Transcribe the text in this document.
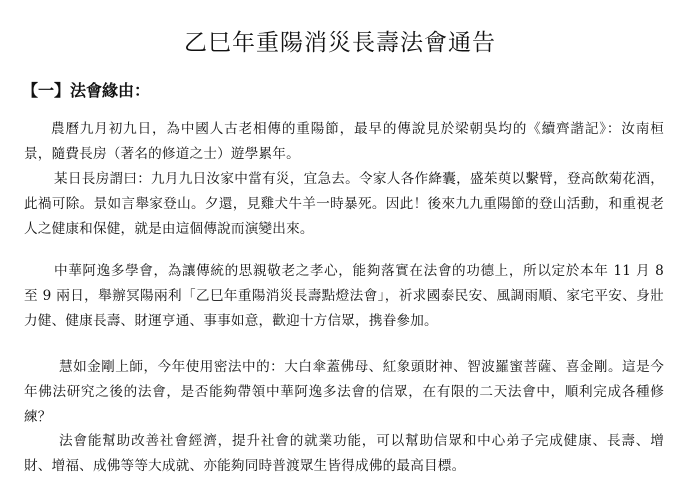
乙巳年重陽消災長壽法會通告
【一】法會緣由：

農曆九月初九日，為中國人古老相傳的重陽節，最早的傳說見於梁朝吳均的《續齊諧記》：汝南桓景，隨費長房（著名的修道之士）遊學累年。

某日長房謂曰：九月九日汝家中當有災，宜急去。令家人各作絳囊，盛茱萸以繫臂，登高飲菊花酒，此禍可除。景如言舉家登山。夕還，見雞犬牛羊一時暴死。因此！後來九九重陽節的登山活動，和重視老人之健康和保健，就是由這個傳說而演變出來。

中華阿逸多學會，為讓傳統的思親敬老之孝心，能夠落實在法會的功德上，所以定於本年 11 月 8 至 9 兩日，舉辦冥陽兩利「乙巳年重陽消災長壽點燈法會」，祈求國泰民安、風調雨順、家宅平安、身壯力健、健康長壽、財運亨通、事事如意，歡迎十方信眾，携眷參加。

慧如金剛上師，今年使用密法中的：大白傘蓋佛母、紅象頭財神、智波羅蜜菩薩、喜金剛。這是今年佛法研究之後的法會，是否能夠帶領中華阿逸多法會的信眾，在有限的二天法會中，順利完成各種修練？

法會能幫助改善社會經濟，提升社會的就業功能，可以幫助信眾和中心弟子完成健康、長壽、增財、增福、成佛等等大成就、亦能夠同時普渡眾生皆得成佛的最高目標。
